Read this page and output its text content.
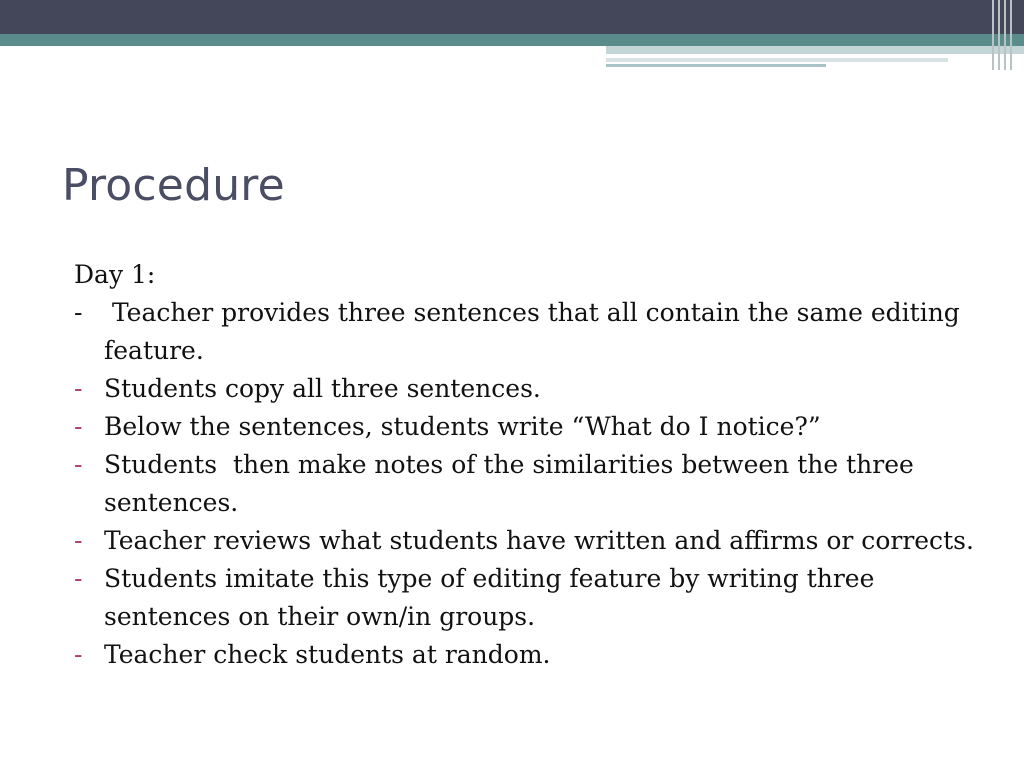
Procedure
Day 1:
- Teacher provides three sentences that all contain the same editing feature.
- Students copy all three sentences.
- Below the sentences, students write “What do I notice?”
- Students  then make notes of the similarities between the three sentences.
- Teacher reviews what students have written and affirms or corrects.
- Students imitate this type of editing feature by writing three sentences on their own/in groups.
- Teacher check students at random.
